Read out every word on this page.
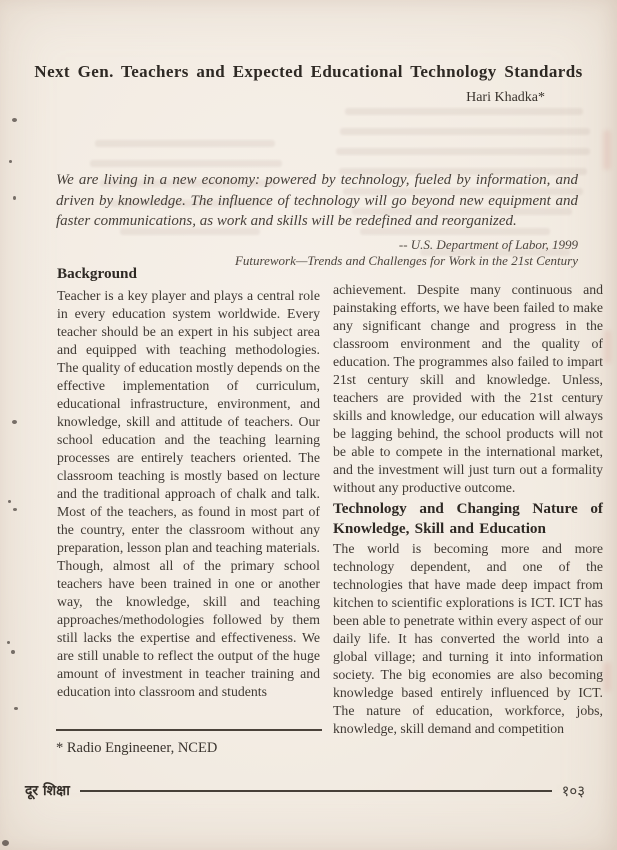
Next Gen. Teachers and Expected Educational Technology Standards
Hari Khadka*

We are living in a new economy: powered by technology, fueled by information, and driven by knowledge. The influence of technology will go beyond new equipment and faster communications, as work and skills will be redefined and reorganized.

-- U.S. Department of Labor, 1999
Futurework—Trends and Challenges for Work in the 21st Century
Background

Teacher is a key player and plays a central role in every education system worldwide. Every teacher should be an expert in his subject area and equipped with teaching methodologies. The quality of education mostly depends on the effective implementation of curriculum, educational infrastructure, environment, and knowledge, skill and attitude of teachers. Our school education and the teaching learning processes are entirely teachers oriented. The classroom teaching is mostly based on lecture and the traditional approach of chalk and talk. Most of the teachers, as found in most part of the country, enter the classroom without any preparation, lesson plan and teaching materials. Though, almost all of the primary school teachers have been trained in one or another way, the knowledge, skill and teaching approaches/methodologies followed by them still lacks the expertise and effectiveness. We are still unable to reflect the output of the huge amount of investment in teacher training and education into classroom and students

achievement. Despite many continuous and painstaking efforts, we have been failed to make any significant change and progress in the classroom environment and the quality of education. The programmes also failed to impart 21st century skill and knowledge. Unless, teachers are provided with the 21st century skills and knowledge, our education will always be lagging behind, the school products will not be able to compete in the international market, and the investment will just turn out a formality without any productive outcome.

Technology and Changing Nature of Knowledge, Skill and Education

The world is becoming more and more technology dependent, and one of the technologies that have made deep impact from kitchen to scientific explorations is ICT. ICT has been able to penetrate within every aspect of our daily life. It has converted the world into a global village; and turning it into information society. The big economies are also becoming knowledge based entirely influenced by ICT. The nature of education, workforce, jobs, knowledge, skill demand and competition

* Radio Engineener, NCED
दूर शिक्षा	१०३
